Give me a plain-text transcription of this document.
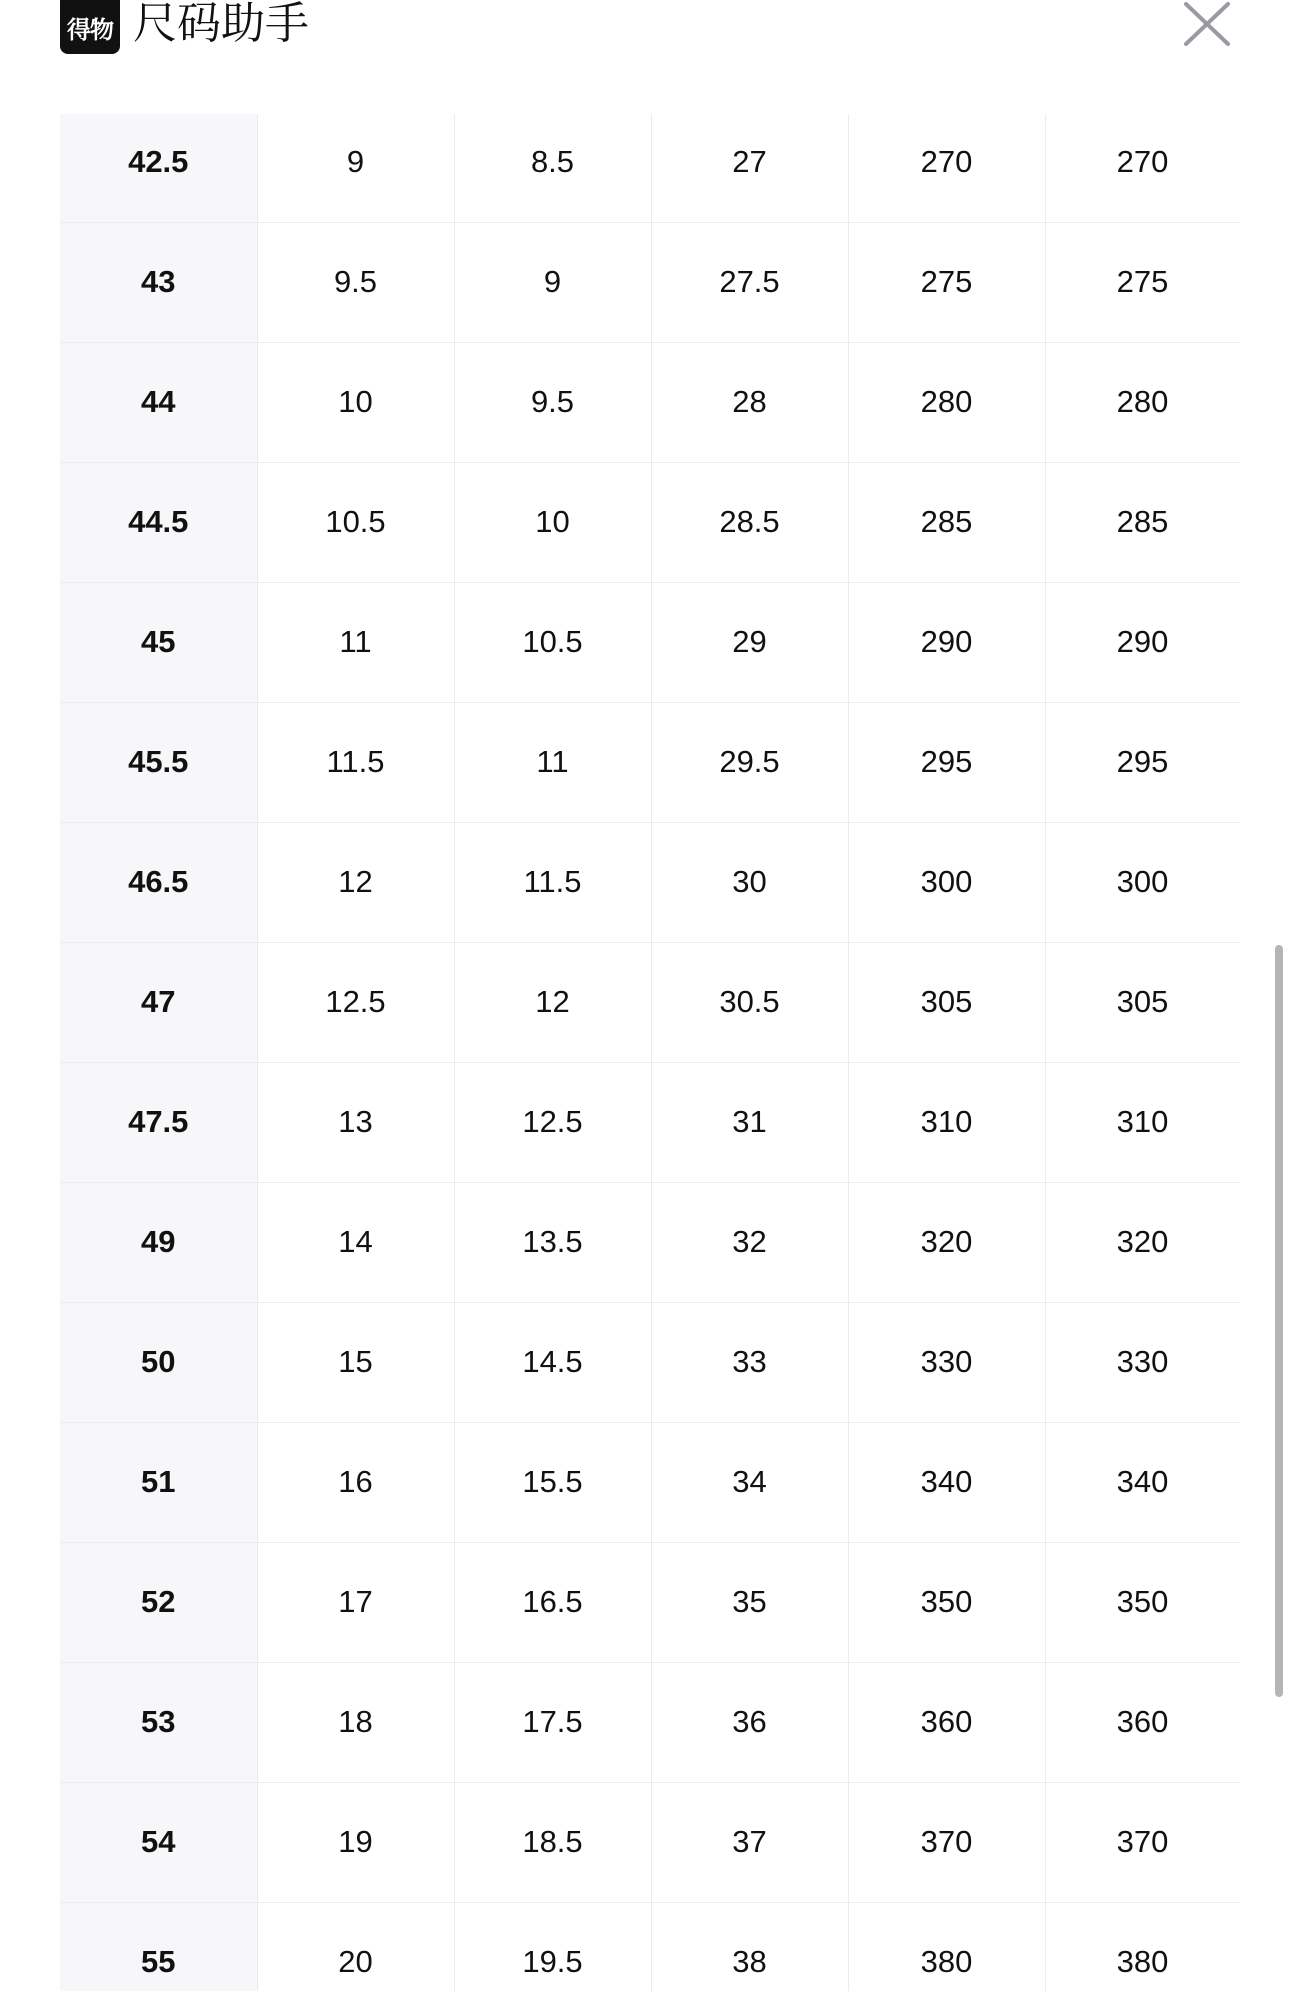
得物 尺码助手
42.5	9	8.5	27	270	270
43	9.5	9	27.5	275	275
44	10	9.5	28	280	280
44.5	10.5	10	28.5	285	285
45	11	10.5	29	290	290
45.5	11.5	11	29.5	295	295
46.5	12	11.5	30	300	300
47	12.5	12	30.5	305	305
47.5	13	12.5	31	310	310
49	14	13.5	32	320	320
50	15	14.5	33	330	330
51	16	15.5	34	340	340
52	17	16.5	35	350	350
53	18	17.5	36	360	360
54	19	18.5	37	370	370
55	20	19.5	38	380	380
